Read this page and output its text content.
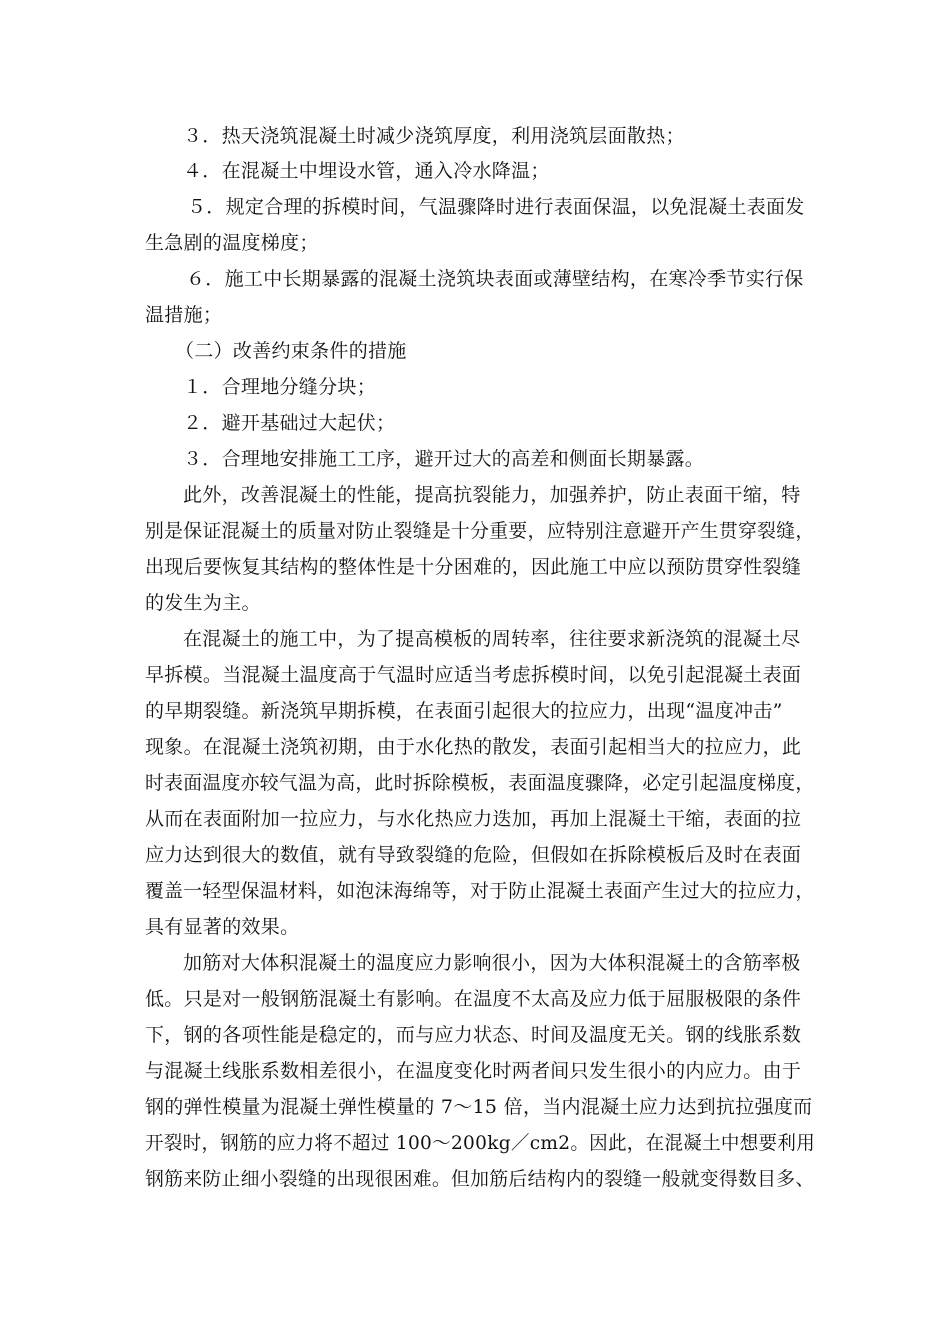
３．热天浇筑混凝土时减少浇筑厚度，利用浇筑层面散热；
４．在混凝土中埋设水管，通入冷水降温；
５．规定合理的拆模时间，气温骤降时进行表面保温，以免混凝土表面发
生急剧的温度梯度；
６．施工中长期暴露的混凝土浇筑块表面或薄壁结构，在寒冷季节实行保
温措施；
（二）改善约束条件的措施
１．合理地分缝分块；
２．避开基础过大起伏；
３．合理地安排施工工序，避开过大的高差和侧面长期暴露。
此外，改善混凝土的性能，提高抗裂能力，加强养护，防止表面干缩，特
别是保证混凝土的质量对防止裂缝是十分重要，应特别注意避开产生贯穿裂缝，
出现后要恢复其结构的整体性是十分困难的，因此施工中应以预防贯穿性裂缝
的发生为主。
在混凝土的施工中，为了提高模板的周转率，往往要求新浇筑的混凝土尽
早拆模。当混凝土温度高于气温时应适当考虑拆模时间，以免引起混凝土表面
的早期裂缝。新浇筑早期拆模，在表面引起很大的拉应力，出现“温度冲击”
现象。在混凝土浇筑初期，由于水化热的散发，表面引起相当大的拉应力，此
时表面温度亦较气温为高，此时拆除模板，表面温度骤降，必定引起温度梯度，
从而在表面附加一拉应力，与水化热应力迭加，再加上混凝土干缩，表面的拉
应力达到很大的数值，就有导致裂缝的危险，但假如在拆除模板后及时在表面
覆盖一轻型保温材料，如泡沫海绵等，对于防止混凝土表面产生过大的拉应力，
具有显著的效果。
加筋对大体积混凝土的温度应力影响很小，因为大体积混凝土的含筋率极
低。只是对一般钢筋混凝土有影响。在温度不太高及应力低于屈服极限的条件
下，钢的各项性能是稳定的，而与应力状态、时间及温度无关。钢的线胀系数
与混凝土线胀系数相差很小，在温度变化时两者间只发生很小的内应力。由于
钢的弹性模量为混凝土弹性模量的 7～15 倍，当内混凝土应力达到抗拉强度而
开裂时，钢筋的应力将不超过 100～200kg／cm2。因此，在混凝土中想要利用
钢筋来防止细小裂缝的出现很困难。但加筋后结构内的裂缝一般就变得数目多、
